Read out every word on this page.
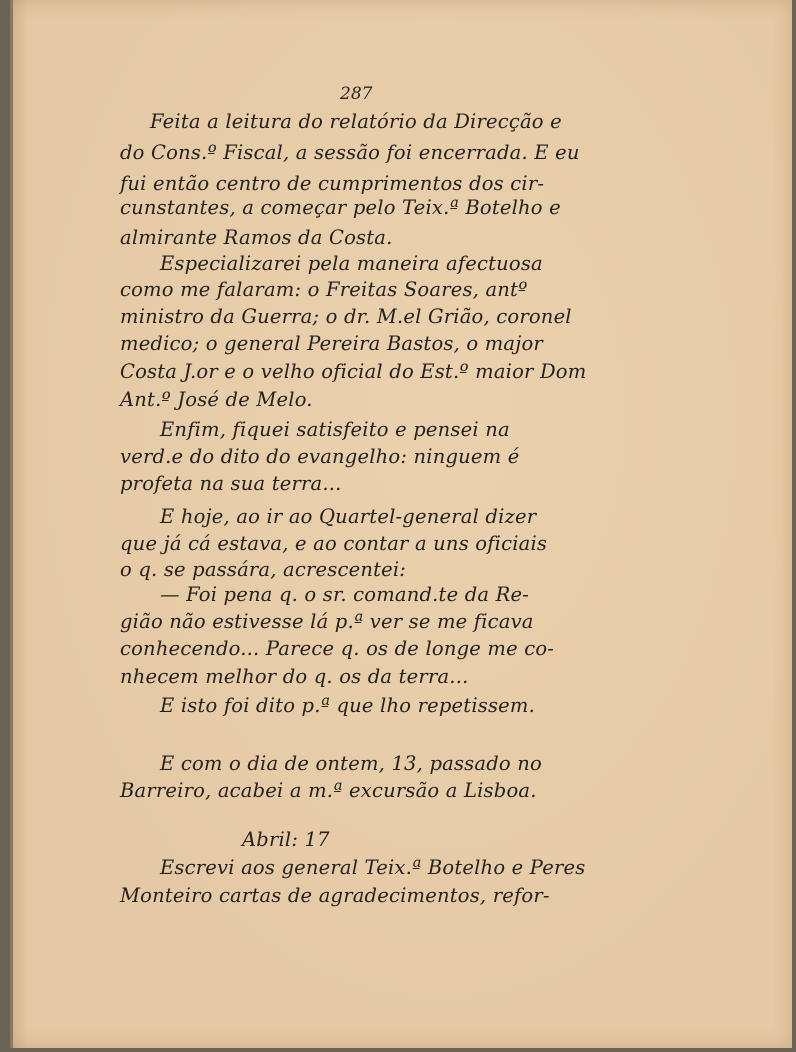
287
Feita a leitura do relatório da Direcção e
do Cons.º Fiscal, a sessão foi encerrada. E eu
fui então centro de cumprimentos dos cir-
cunstantes, a começar pelo Teix.ª Botelho e
almirante Ramos da Costa.
Especializarei pela maneira afectuosa
como me falaram: o Freitas Soares, antº
ministro da Guerra; o dr. M.el Grião, coronel
medico; o general Pereira Bastos, o major
Costa J.or e o velho oficial do Est.º maior Dom
Ant.º José de Melo.
Enfim, fiquei satisfeito e pensei na
verd.e do dito do evangelho: ninguem é
profeta na sua terra...
E hoje, ao ir ao Quartel-general dizer
que já cá estava, e ao contar a uns oficiais
o q. se passára, acrescentei:
— Foi pena q. o sr. comand.te da Re-
gião não estivesse lá p.ª ver se me ficava
conhecendo... Parece q. os de longe me co-
nhecem melhor do q. os da terra...
E isto foi dito p.ª que lho repetissem.
E com o dia de ontem, 13, passado no
Barreiro, acabei a m.ª excursão a Lisboa.
Abril: 17
Escrevi aos general Teix.ª Botelho e Peres
Monteiro cartas de agradecimentos, refor-
